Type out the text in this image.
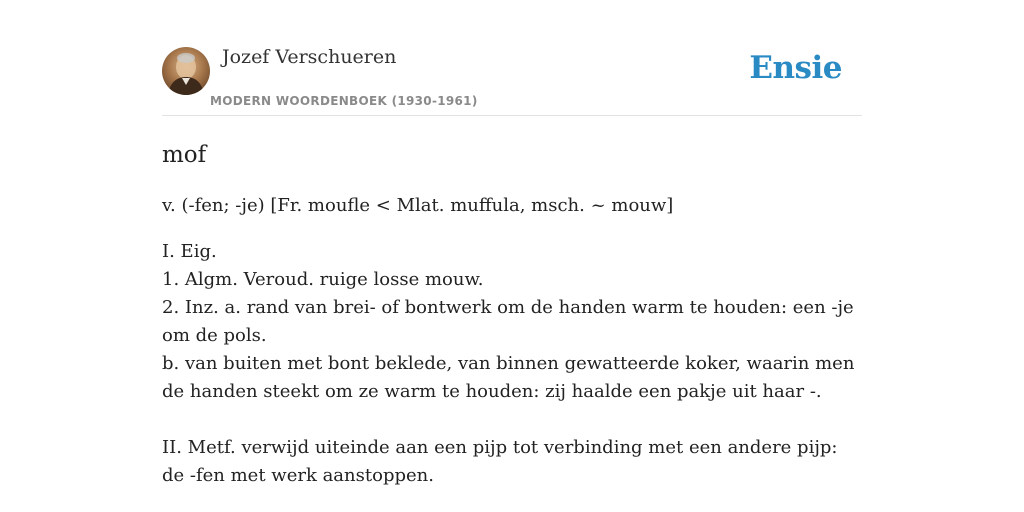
Jozef Verschueren
MODERN WOORDENBOEK (1930-1961)
Ensie
mof
v. (-fen; -je) [Fr. moufle < Mlat. muffula, msch. ~ mouw]

I. Eig.

1. Algm. Veroud. ruige losse mouw.

2. Inz. a. rand van brei- of bontwerk om de handen warm te houden: een -je om de pols.

b. van buiten met bont beklede, van binnen gewatteerde koker, waarin men de handen steekt om ze warm te houden: zij haalde een pakje uit haar -.

II. Metf. verwijd uiteinde aan een pijp tot verbinding met een andere pijp: de -fen met werk aanstoppen.
